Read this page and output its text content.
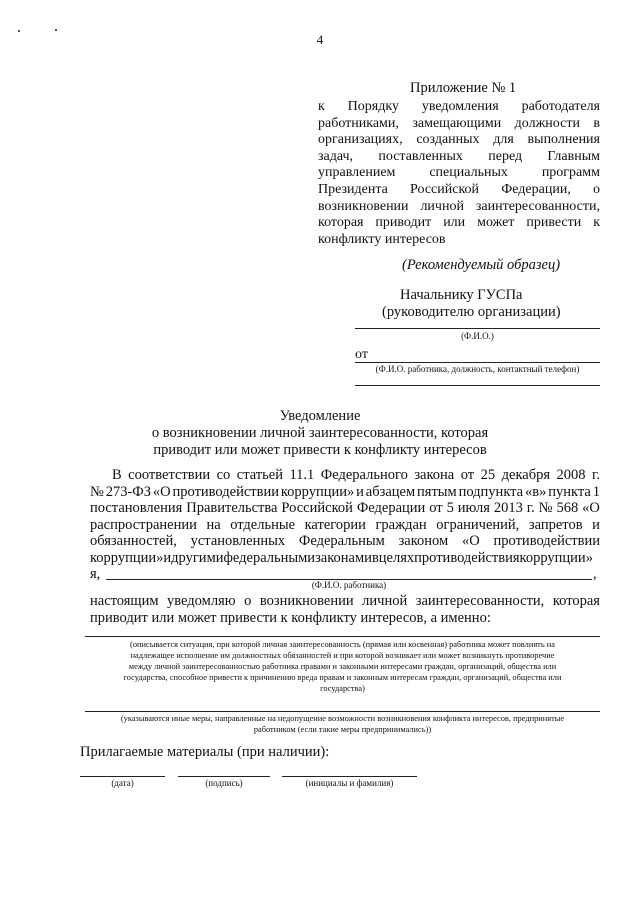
4
Приложение № 1
к Порядку уведомления работодателя
работниками, замещающими должности в
организациях, созданных для выполнения
задач, поставленных перед Главным
управлением специальных программ
Президента Российской Федерации, о
возникновении личной заинтересованности,
которая приводит или может привести к
конфликту интересов
(Рекомендуемый образец)
Начальнику ГУСПа
(руководителю организации)
(Ф.И.О.)
от
(Ф.И.О. работника, должность, контактный телефон)
Уведомление
о возникновении личной заинтересованности, которая
приводит или может привести к конфликту интересов
В соответствии со статьей 11.1 Федерального закона от 25 декабря 2008 г.
№ 273-ФЗ «О противодействии коррупции» и абзацем пятым подпункта «в» пункта 1
постановления Правительства Российской Федерации от 5 июля 2013 г. № 568 «О
распространении на отдельные категории граждан ограничений, запретов и
обязанностей, установленных Федеральным законом «О противодействии
коррупции» и другими федеральными законами в целях противодействия коррупции»
я,	,
(Ф.И.О. работника)
настоящим уведомляю о возникновении личной заинтересованности, которая
приводит или может привести к конфликту интересов, а именно:
(описывается ситуация, при которой личная заинтересованность (прямая или косвенная) работника может повлиять на
надлежащее исполнение им должностных обязанностей и при которой возникает или может возникнуть противоречие
между личной заинтересованностью работника правами и законными интересами граждан, организаций, общества или
государства, способное привести к причинению вреда правам и законным интересам граждан, организаций, общества или
государства)
(указываются иные меры, направленные на недопущение возможности возникновения конфликта интересов, предпринятые
работником (если такие меры предпринимались))
Прилагаемые материалы (при наличии):
(дата)	(подпись)	(инициалы и фамилия)
